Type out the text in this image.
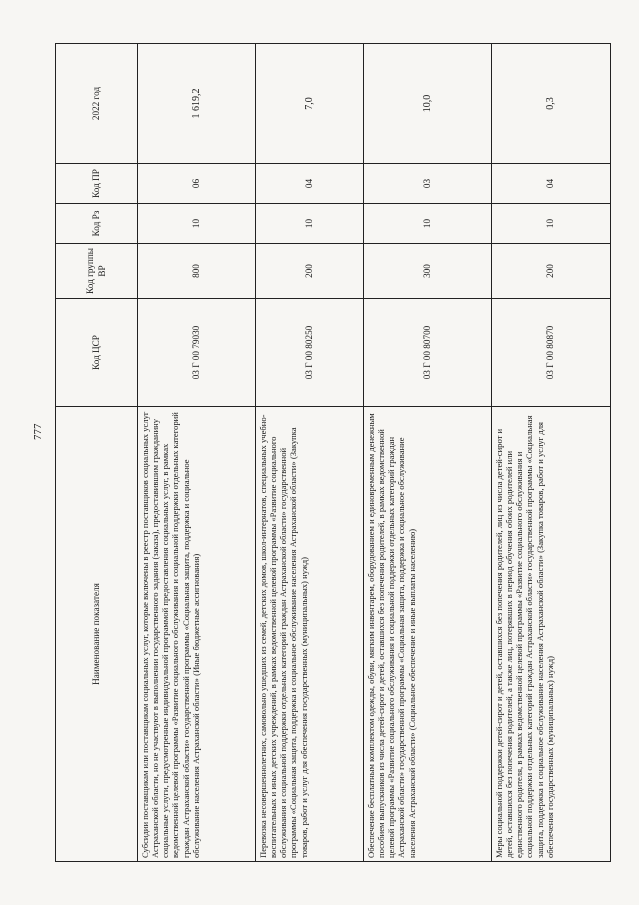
777
Наименование показателя	Код ЦСР	Код группы ВР	Код Рз	Код ПР	2022 год
Субсидии поставщикам или поставщикам социальных услуг, которые включены в реестр поставщиков социальных услуг Астраханской области, но не участвуют в выполнении государственного задания (заказа), предоставившим гражданину социальные услуги, предусмотренные индивидуальной программой предоставления социальных услуг, в рамках ведомственной целевой программы «Развитие социального обслуживания и социальной поддержки отдельных категорий граждан Астраханской области» государственной программы «Социальная защита, поддержка и социальное обслуживание населения Астраханской области» (Иные бюджетные ассигнования)	03 Г 00 79030	800	10	06	1 619,2
Перевозка несовершеннолетних, самовольно ушедших из семей, детских домов, школ-интернатов, специальных учебно-воспитательных и иных детских учреждений, в рамках ведомственной целевой программы «Развитие социального обслуживания и социальной поддержки отдельных категорий граждан Астраханской области» государственной программы «Социальная защита, поддержка и социальное обслуживание населения Астраханской области» (Закупка товаров, работ и услуг для обеспечения государственных (муниципальных) нужд)	03 Г 00 80250	200	10	04	7,0
Обеспечение бесплатным комплектом одежды, обуви, мягким инвентарем, оборудованием и единовременным денежным пособием выпускников из числа детей-сирот и детей, оставшихся без попечения родителей, в рамках ведомственной целевой программы «Развитие социального обслуживания и социальной поддержки отдельных категорий граждан Астраханской области» государственной программы «Социальная защита, поддержка и социальное обслуживание населения Астраханской области» (Социальное обеспечение и иные выплаты населению)	03 Г 00 80700	300	10	03	10,0
Меры социальной поддержки детей-сирот и детей, оставшихся без попечения родителей, лиц из числа детей-сирот и детей, оставшихся без попечения родителей, а также лиц, потерявших в период обучения обоих родителей или единственного родителя, в рамках ведомственной целевой программы «Развитие социального обслуживания и социальной поддержки отдельных категорий граждан Астраханской области» государственной программы «Социальная защита, поддержка и социальное обслуживание населения Астраханской области» (Закупка товаров, работ и услуг для обеспечения государственных (муниципальных) нужд)	03 Г 00 80870	200	10	04	0,3
